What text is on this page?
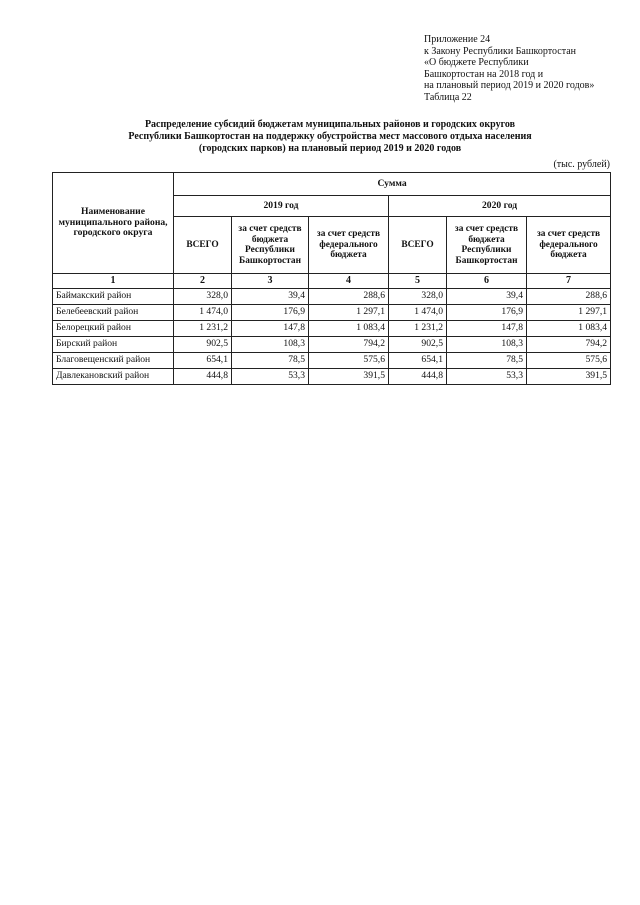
Приложение 24
к Закону Республики Башкортостан
«О бюджете Республики
Башкортостан на 2018 год и
на плановый период 2019 и 2020 годов»
Таблица 22
Распределение субсидий бюджетам муниципальных районов и городских округов
Республики Башкортостан на поддержку обустройства мест массового отдыха населения
(городских парков) на плановый период 2019 и 2020 годов
(тыс. рублей)
Наименование муниципального района, городского округа	Сумма					
	2019 год			2020 год		
	ВСЕГО	за счет средств бюджета Республики Башкортостан	за счет средств федерального бюджета	ВСЕГО	за счет средств бюджета Республики Башкортостан	за счет средств федерального бюджета
1	2	3	4	5	6	7
Баймакский район	328,0	39,4	288,6	328,0	39,4	288,6
Белебеевский район	1 474,0	176,9	1 297,1	1 474,0	176,9	1 297,1
Белорецкий район	1 231,2	147,8	1 083,4	1 231,2	147,8	1 083,4
Бирский район	902,5	108,3	794,2	902,5	108,3	794,2
Благовещенский район	654,1	78,5	575,6	654,1	78,5	575,6
Давлекановский район	444,8	53,3	391,5	444,8	53,3	391,5
